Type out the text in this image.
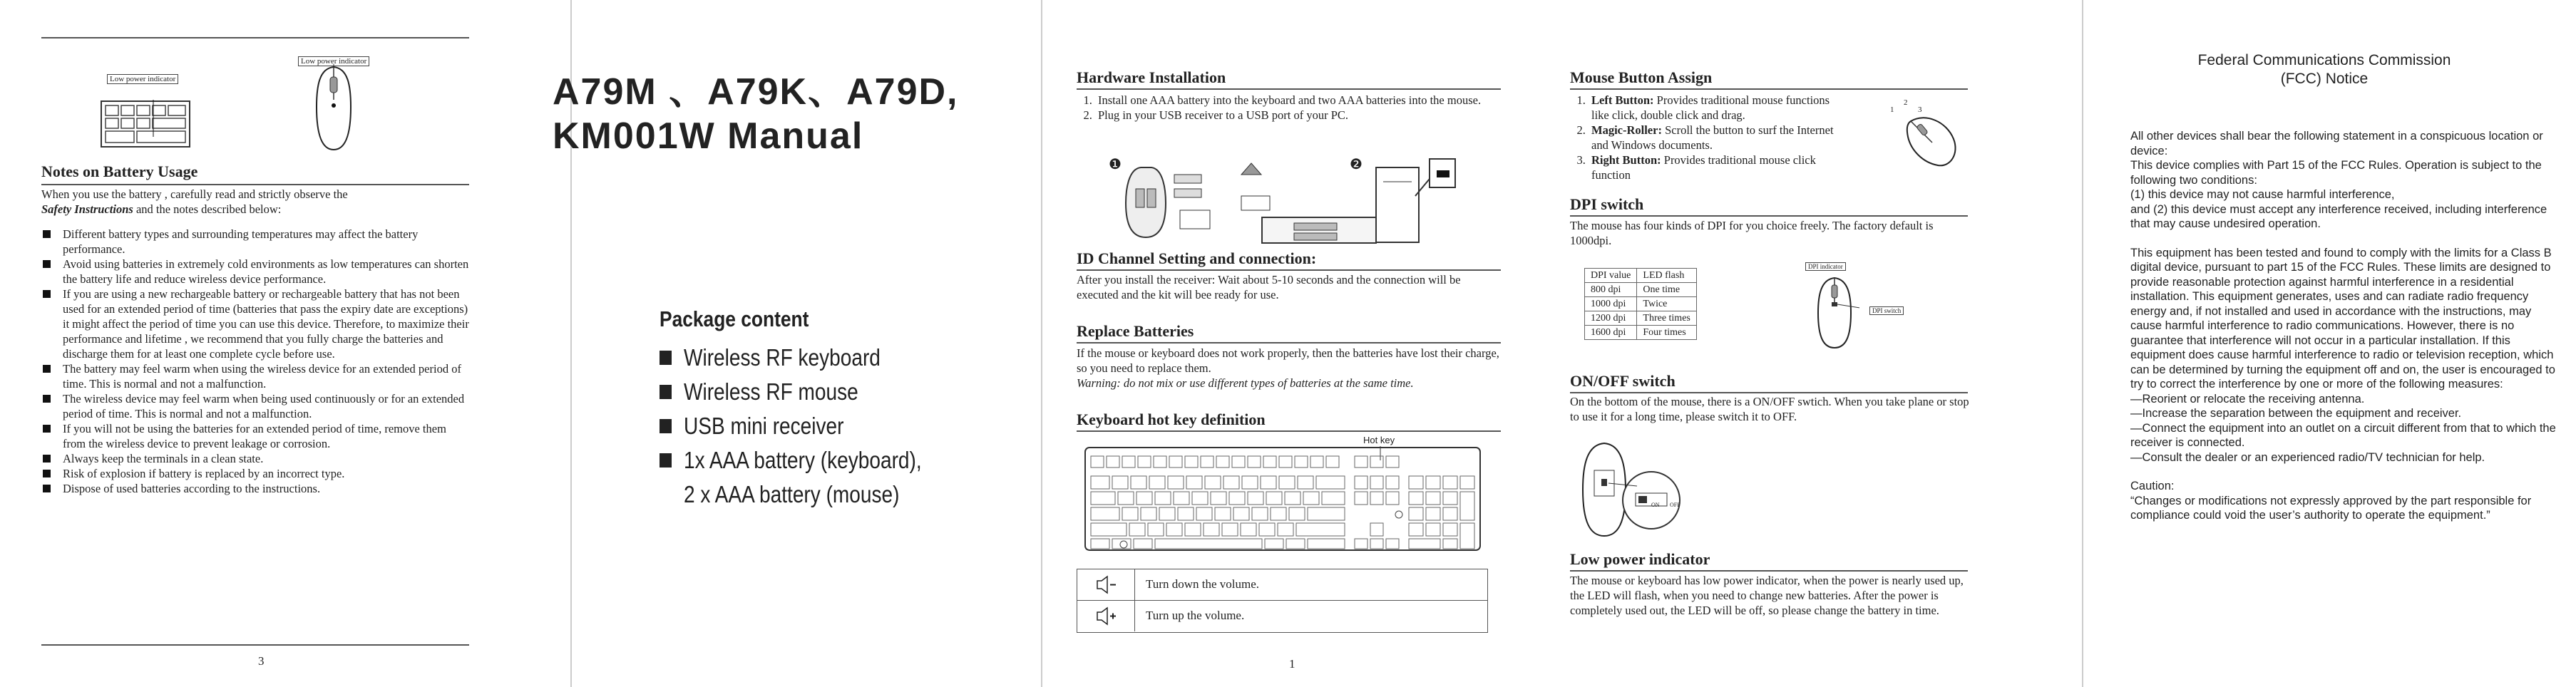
Low power indicator
Low power indicator
Notes on Battery Usage
When you use the battery , carefully read and strictly observe the
Safety Instructions and the notes described below:
Different battery types and surrounding temperatures may affect the battery performance.
Avoid using batteries in extremely cold environments as low temperatures can shorten the battery life and reduce wireless device performance.
If you are using a new rechargeable battery or rechargeable battery that has not been used for an extended period of time (batteries that pass the expiry date are exceptions) it might affect the period of time you can use this device. Therefore, to maximize their performance and lifetime , we recommend that you fully charge the batteries and discharge them for at least one complete cycle before use.
The battery may feel warm when using the wireless device for an extended period of time. This is normal and not a malfunction.
The wireless device may feel warm when being used continuously or for an extended period of time. This is normal and not a malfunction.
If you will not be using the batteries for an extended period of time, remove them from the wireless device to prevent leakage or corrosion.
Always keep the terminals in a clean state.
Risk of explosion if battery is replaced by an incorrect type.
Dispose of used batteries according to the instructions.
3
A79M 、A79K、A79D,
KM001W Manual
Package content
Wireless RF keyboard
Wireless RF mouse
USB mini receiver
1x AAA battery (keyboard),
2 x AAA battery (mouse)
Hardware Installation
1. Install one AAA battery into the keyboard and two AAA batteries into the mouse.
2. Plug in your USB receiver to a USB port of your PC.
❶	❷
ID Channel Setting and connection:
After you install the receiver: Wait about 5-10 seconds and the connection will be executed and the kit will bee ready for use.
Replace Batteries
If the mouse or keyboard does not work properly, then the batteries have lost their charge, so you need to replace them.
Warning: do not mix or use different types of batteries at the same time.
Keyboard hot key definition
Hot key
Turn down the volume.
Turn up the volume.
1
Mouse Button Assign
1. Left Button: Provides traditional mouse functions like click, double click and drag.
2. Magic-Roller: Scroll the button to surf the Internet and Windows documents.
3. Right Button: Provides traditional mouse click function
1
2
3
DPI switch
The mouse has four kinds of DPI for you choice freely. The factory default is 1000dpi.
DPI value	LED flash
800 dpi	One time
1000 dpi	Twice
1200 dpi	Three times
1600 dpi	Four times
DPI indicator
DPI switch
ON/OFF switch
On the bottom of the mouse, there is a ON/OFF swtich. When you take plane or stop to use it for a long time, please switch it to OFF.
ON OFF
Low power indicator
The mouse or keyboard has low power indicator, when the power is nearly used up, the LED will flash, when you need to change new batteries. After the power is completely used out, the LED will be off, so please change the battery in time.
Federal Communications Commission
(FCC) Notice

All other devices shall bear the following statement in a conspicuous location or device:
This device complies with Part 15 of the FCC Rules. Operation is subject to the following two conditions:
(1) this device may not cause harmful interference,
and (2) this device must accept any interference received, including interference that may cause undesired operation.

This equipment has been tested and found to comply with the limits for a Class B digital device, pursuant to part 15 of the FCC Rules. These limits are designed to provide reasonable protection against harmful interference in a residential installation. This equipment generates, uses and can radiate radio frequency energy and, if not installed and used in accordance with the instructions, may cause harmful interference to radio communications. However, there is no guarantee that interference will not occur in a particular installation. If this equipment does cause harmful interference to radio or television reception, which can be determined by turning the equipment off and on, the user is encouraged to try to correct the interference by one or more of the following measures:
—Reorient or relocate the receiving antenna.
—Increase the separation between the equipment and receiver.
—Connect the equipment into an outlet on a circuit different from that to which the receiver is connected.
—Consult the dealer or an experienced radio/TV technician for help.

Caution:
“Changes or modifications not expressly approved by the part responsible for compliance could void the user’s authority to operate the equipment.”
